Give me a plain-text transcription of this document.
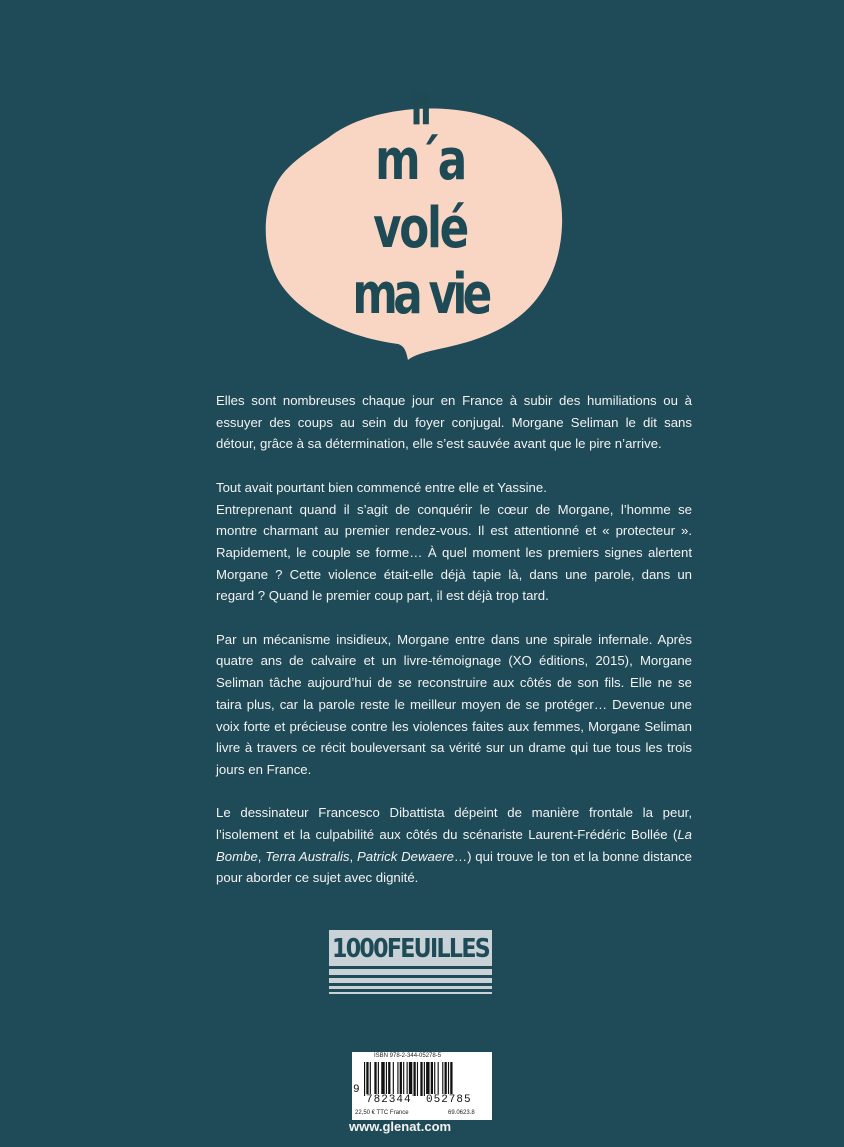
il
m´a
volé
ma vie

Elles sont nombreuses chaque jour en France à subir des humiliations ou à essuyer des coups au sein du foyer conjugal. Morgane Seliman le dit sans détour, grâce à sa détermination, elle s’est sauvée avant que le pire n’arrive.

Tout avait pourtant bien commencé entre elle et Yassine.

Entreprenant quand il s’agit de conquérir le cœur de Morgane, l’homme se montre charmant au premier rendez-vous. Il est attentionné et « protecteur ». Rapidement, le couple se forme… À quel moment les premiers signes alertent Morgane ? Cette violence était-elle déjà tapie là, dans une parole, dans un regard ? Quand le premier coup part, il est déjà trop tard.

Par un mécanisme insidieux, Morgane entre dans une spirale infernale. Après quatre ans de calvaire et un livre-témoignage (XO éditions, 2015), Morgane Seliman tâche aujourd’hui de se reconstruire aux côtés de son fils. Elle ne se taira plus, car la parole reste le meilleur moyen de se protéger… Devenue une voix forte et précieuse contre les violences faites aux femmes, Morgane Seliman livre à travers ce récit bouleversant sa vérité sur un drame qui tue tous les trois jours en France.

Le dessinateur Francesco Dibattista dépeint de manière frontale la peur, l’isolement et la culpabilité aux côtés du scénariste Laurent-Frédéric Bollée (La Bombe, Terra Australis, Patrick Dewaere…) qui trouve le ton et la bonne distance pour aborder ce sujet avec dignité.

1000FEUILLES
ISBN 978-2-344-05278-5
9
782344 052785
22,50 € TTC France	69.0623.8
www.glenat.com
